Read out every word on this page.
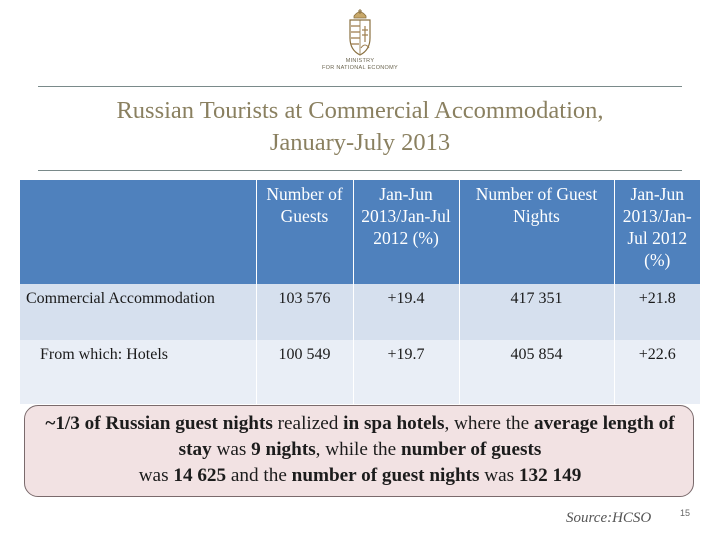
MINISTRY
FOR NATIONAL ECONOMY
Russian Tourists at Commercial Accommodation,
January-July 2013
	Number of Guests	Jan-Jun 2013/Jan-Jul 2012 (%)	Number of Guest Nights	Jan-Jun 2013/Jan-Jul 2012 (%)
Commercial Accommodation	103 576	+19.4	417 351	+21.8
From which: Hotels	100 549	+19.7	405 854	+22.6
~1/3 of Russian guest nights realized in spa hotels, where the average length of stay was 9 nights, while the number of guests
was 14 625 and the number of guest nights was 132 149
Source:HCSO	15
